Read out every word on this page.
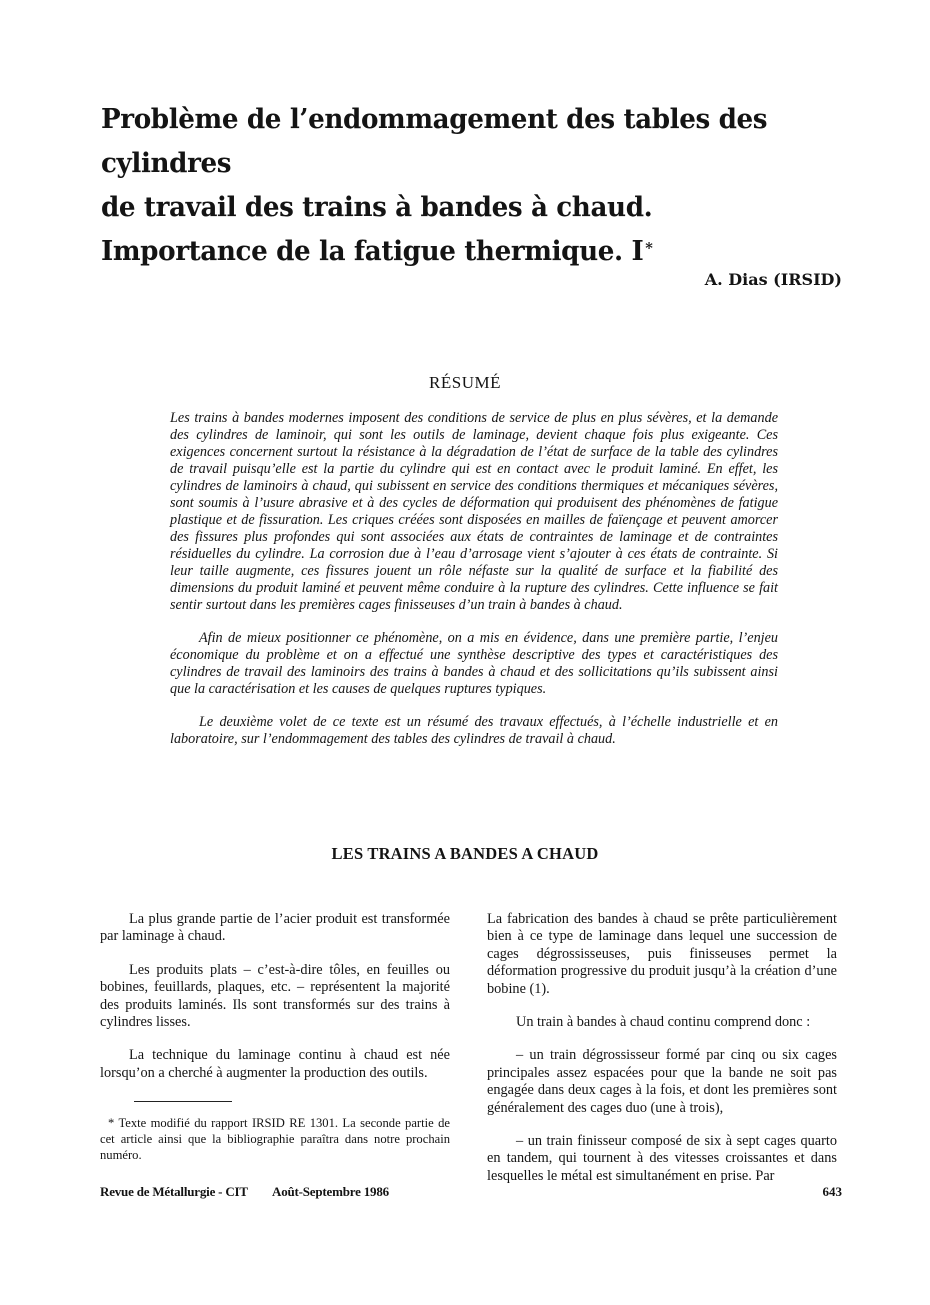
Problème de l’endommagement des tables des cylindres
de travail des trains à bandes à chaud.
Importance de la fatigue thermique. I *
A. Dias (IRSID)
RÉSUMÉ

Les trains à bandes modernes imposent des conditions de service de plus en plus sévères, et la demande des cylindres de laminoir, qui sont les outils de laminage, devient chaque fois plus exigeante. Ces exigences concernent surtout la résistance à la dégradation de l’état de surface de la table des cylindres de travail puisqu’elle est la partie du cylindre qui est en contact avec le produit laminé. En effet, les cylindres de laminoirs à chaud, qui subissent en service des conditions thermiques et mécaniques sévères, sont soumis à l’usure abrasive et à des cycles de déformation qui produisent des phénomènes de fatigue plastique et de fissuration. Les criques créées sont disposées en mailles de faïençage et peuvent amorcer des fissures plus profondes qui sont associées aux états de contraintes de laminage et de contraintes résiduelles du cylindre. La corrosion due à l’eau d’arrosage vient s’ajouter à ces états de contrainte. Si leur taille augmente, ces fissures jouent un rôle néfaste sur la qualité de surface et la fiabilité des dimensions du produit laminé et peuvent même conduire à la rupture des cylindres. Cette influence se fait sentir surtout dans les premières cages finisseuses d’un train à bandes à chaud.

Afin de mieux positionner ce phénomène, on a mis en évidence, dans une première partie, l’enjeu économique du problème et on a effectué une synthèse descriptive des types et caractéristiques des cylindres de travail des laminoirs des trains à bandes à chaud et des sollicitations qu’ils subissent ainsi que la caractérisation et les causes de quelques ruptures typiques.

Le deuxième volet de ce texte est un résumé des travaux effectués, à l’échelle industrielle et en laboratoire, sur l’endommagement des tables des cylindres de travail à chaud.

LES TRAINS A BANDES A CHAUD

La plus grande partie de l’acier produit est transformée par laminage à chaud.

Les produits plats – c’est-à-dire tôles, en feuilles ou bobines, feuillards, plaques, etc. – représentent la majorité des produits laminés. Ils sont transformés sur des trains à cylindres lisses.

La technique du laminage continu à chaud est née lorsqu’on a cherché à augmenter la production des outils.

* Texte modifié du rapport IRSID RE 1301. La seconde partie de cet article ainsi que la bibliographie paraîtra dans notre prochain numéro.

La fabrication des bandes à chaud se prête particulièrement bien à ce type de laminage dans lequel une succession de cages dégrossisseuses, puis finisseuses permet la déformation progressive du produit jusqu’à la création d’une bobine (1).

Un train à bandes à chaud continu comprend donc :

– un train dégrossisseur formé par cinq ou six cages principales assez espacées pour que la bande ne soit pas engagée dans deux cages à la fois, et dont les premières sont généralement des cages duo (une à trois),

– un train finisseur composé de six à sept cages quarto en tandem, qui tournent à des vitesses croissantes et dans lesquelles le métal est simultanément en prise. Par

Revue de Métallurgie - CIT Août-Septembre 1986	643
